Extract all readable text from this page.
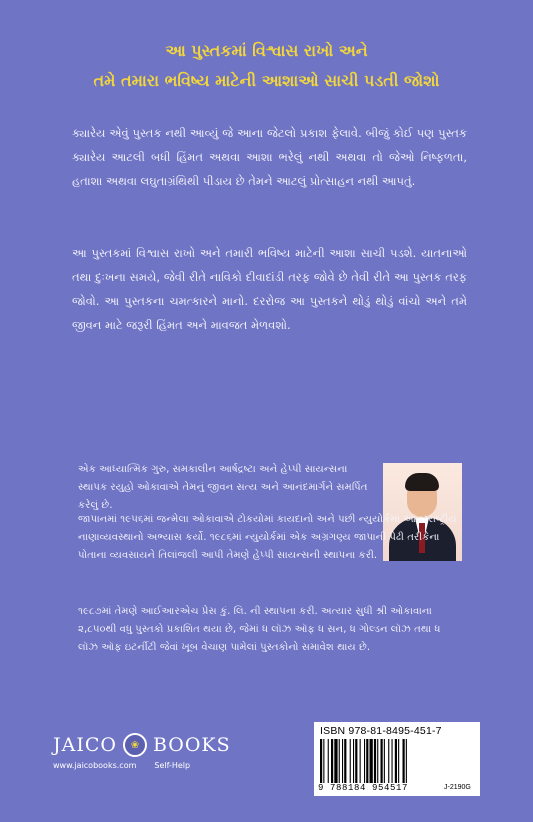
આ પુસ્તકમાં વિશ્વાસ રાખો અને
તમે તમારા ભવિષ્ય માટેની આશાઓ સાચી પડતી જોશો
ક્યારેય એવું પુસ્તક નથી આવ્યું જે આના જેટલો પ્રકાશ ફેલાવે. બીજું કોઈ પણ પુસ્તક ક્યારેય આટલી બધી હિંમત અથવા આશા ભરેલું નથી અથવા તો જેઓ નિષ્ફળતા, હતાશા અથવા લઘુતાગ્રંથિથી પીડાય છે તેમને આટલું પ્રોત્સાહન નથી આપતું.
આ પુસ્તકમાં વિશ્વાસ રાખો અને તમારી ભવિષ્ય માટેની આશા સાચી પડશે. યાતનાઓ તથા દુઃખના સમયે, જેવી રીતે નાવિકો દીવાદાંડી તરફ જોવે છે તેવી રીતે આ પુસ્તક તરફ જોવો. આ પુસ્તકના ચમત્કારને માનો. દરરોજ આ પુસ્તકને થોડું થોડું વાંચો અને તમે જીવન માટે જરૂરી હિંમત અને માવજત મેળવશો.
એક આધ્યાત્મિક ગુરુ, સમકાલીન આર્ષદ્રષ્ટા અને હેપ્પી સાયન્સના સ્થાપક રયુહો ઓકાવાએ તેમનું જીવન સત્ય અને આનંદમાર્ગને સમર્પિત કરેલું છે.
જાપાનમાં ૧૯૫૬માં જન્મેલા ઓકાવાએ ટોકયોમાં કાયદાનો અને પછી ન્યુયોર્કમાં આંતરરાષ્ટ્રીય નાણાવ્યવસ્થાનો અભ્યાસ કર્યો. ૧૯૮૬માં ન્યુયોર્કમાં એક અગ્રગણ્ય જાપાની પેઢી તરીકેના પોતાના વ્યવસાયને તિલાંજલી આપી તેમણે હેપ્પી સાયન્સની સ્થાપના કરી.
૧૯૮૭માં તેમણે આઈઆરએચ પ્રેસ કું. લિ. ની સ્થાપના કરી. અત્યાર સુધી શ્રી ઓકાવાના ૨,૮૫૦થી વધુ પુસ્તકો પ્રકાશિત થયા છે, જેમાં ધ લૉઝ ઑફ ધ સન, ધ ગોલ્ડન લૉઝ તથા ધ લૉઝ ઑફ ઇટર્નીટી જેવાં ખૂબ વેચાણ પામેલાં પુસ્તકોનો સમાવેશ થાય છે.
JAICO	❀ BOOKS
www.jaicobooks.com Self-Help
ISBN 978-81-8495-451-7
9 788184 954517	J-2190G
